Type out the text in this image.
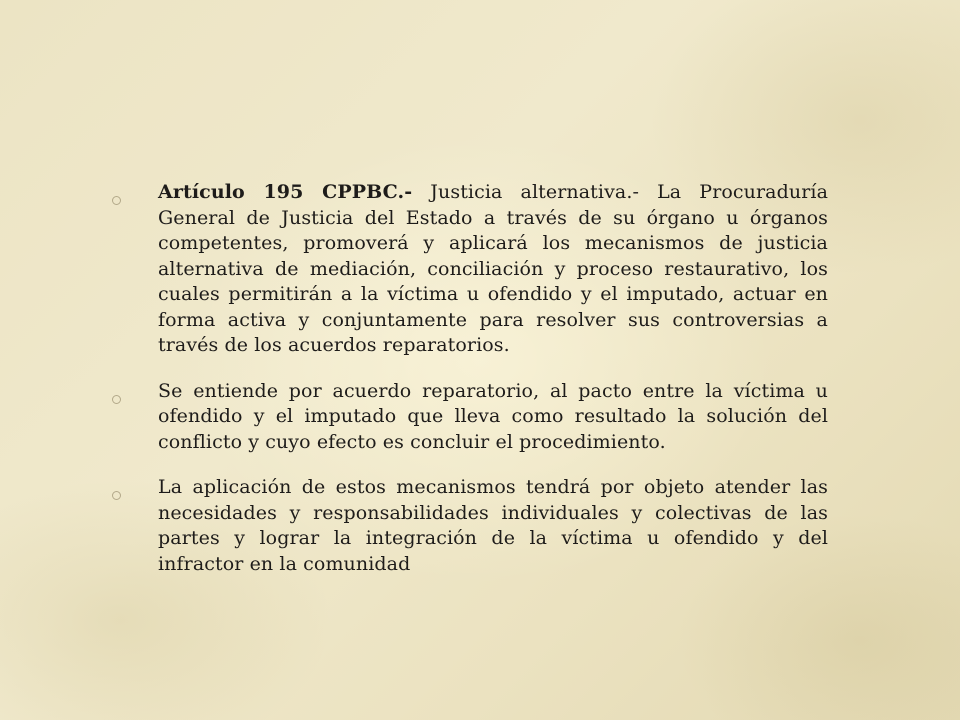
Artículo 195 CPPBC.- Justicia alternativa.- La Procuraduría General de Justicia del Estado a través de su órgano u órganos competentes, promoverá y aplicará los mecanismos de justicia alternativa de mediación, conciliación y proceso restaurativo, los cuales permitirán a la víctima u ofendido y el imputado, actuar en forma activa y conjuntamente para resolver sus controversias a través de los acuerdos reparatorios.

Se entiende por acuerdo reparatorio, al pacto entre la víctima u ofendido y el imputado que lleva como resultado la solución del conflicto y cuyo efecto es concluir el procedimiento.

La aplicación de estos mecanismos tendrá por objeto atender las necesidades y responsabilidades individuales y colectivas de las partes y lograr la integración de la víctima u ofendido y del infractor en la comunidad
